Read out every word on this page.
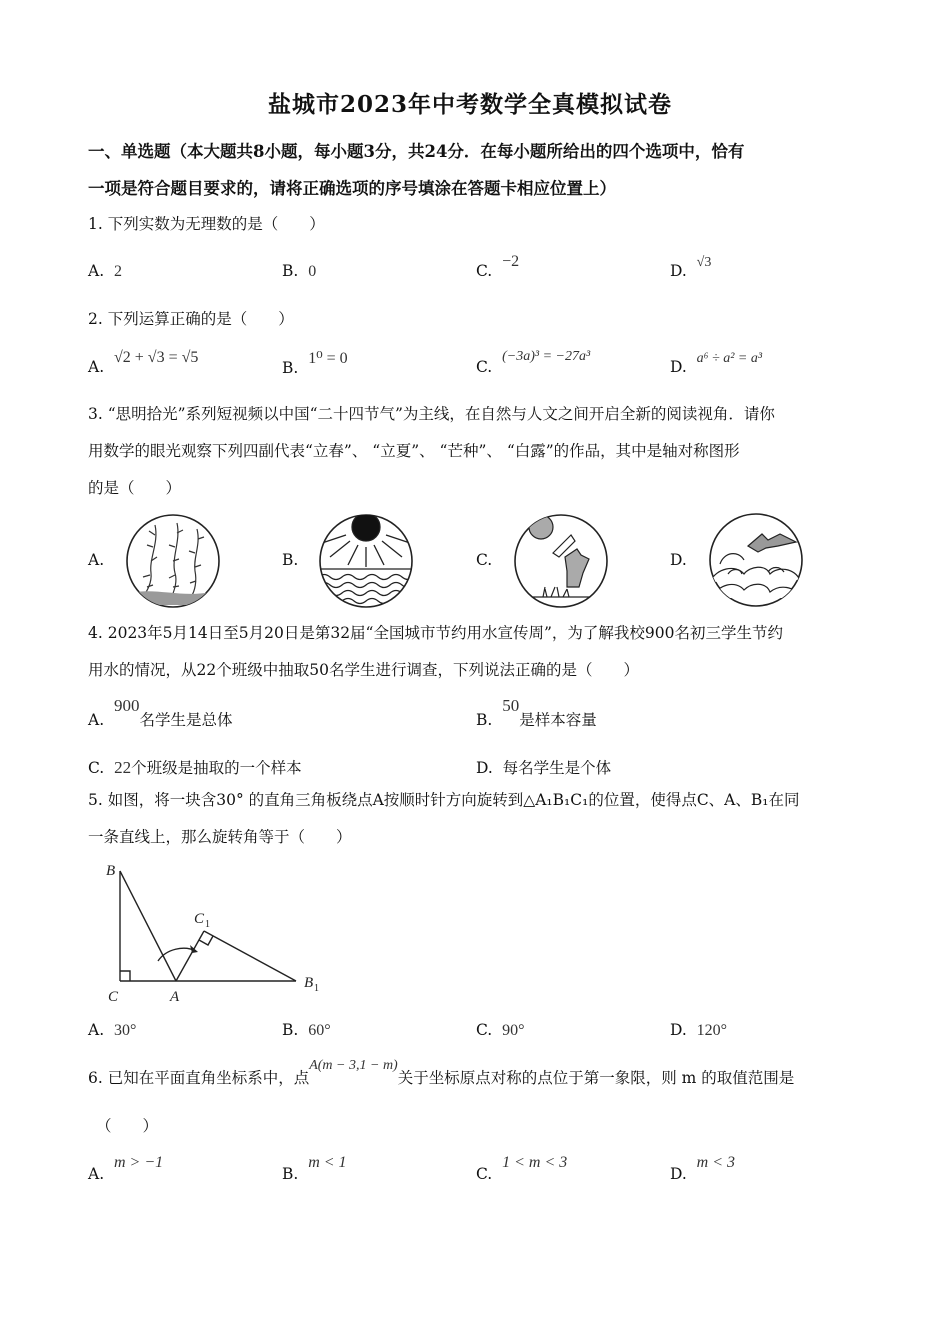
盐城市2023年中考数学全真模拟试卷
一、单选题（本大题共8小题，每小题3分，共24分．在每小题所给出的四个选项中，恰有
一项是符合题目要求的，请将正确选项的序号填涂在答题卡相应位置上）
1. 下列实数为无理数的是（　　）
A. 2	B. 0	C.  −2
D. √3
2. 下列运算正确的是（　　）
A.  √2 + √3 = √5
B.  1⁰ = 0	C.  (−3a)³ = −27a³
D. a⁶ ÷ a² = a³
3. “思明拾光”系列短视频以中国“二十四节气”为主线，在自然与人文之间开启全新的阅读视角．请你
用数学的眼光观察下列四副代表“立春”、 “立夏”、 “芒种”、 “白露”的作品，其中是轴对称图形
的是（　　）
A.	B.	C.	D.
4. 2023年5月14日至5月20日是第32届“全国城市节约用水宣传周”，为了解我校900名初三学生节约
用水的情况，从22个班级中抽取50名学生进行调查，下列说法正确的是（　　）
A.  900名学生是总体	B.  50是样本容量
C. 22个班级是抽取的一个样本	D. 每名学生是个体
5. 如图，将一块含30° 的直角三角板绕点A按顺时针方向旋转到△A₁B₁C₁的位置，使得点C、A、B₁在同
一条直线上，那么旋转角等于（　　）
B
C	A
C 1
B 1
A. 30°	B. 60°	C. 90°	D. 120°
6. 已知在平面直角坐标系中，点A(m − 3,1 − m)关于坐标原点对称的点位于第一象限，则 m 的取值范围是
（　　）
A.  m > −1
B.  m < 1
C.  1 < m < 3
D.  m < 3
